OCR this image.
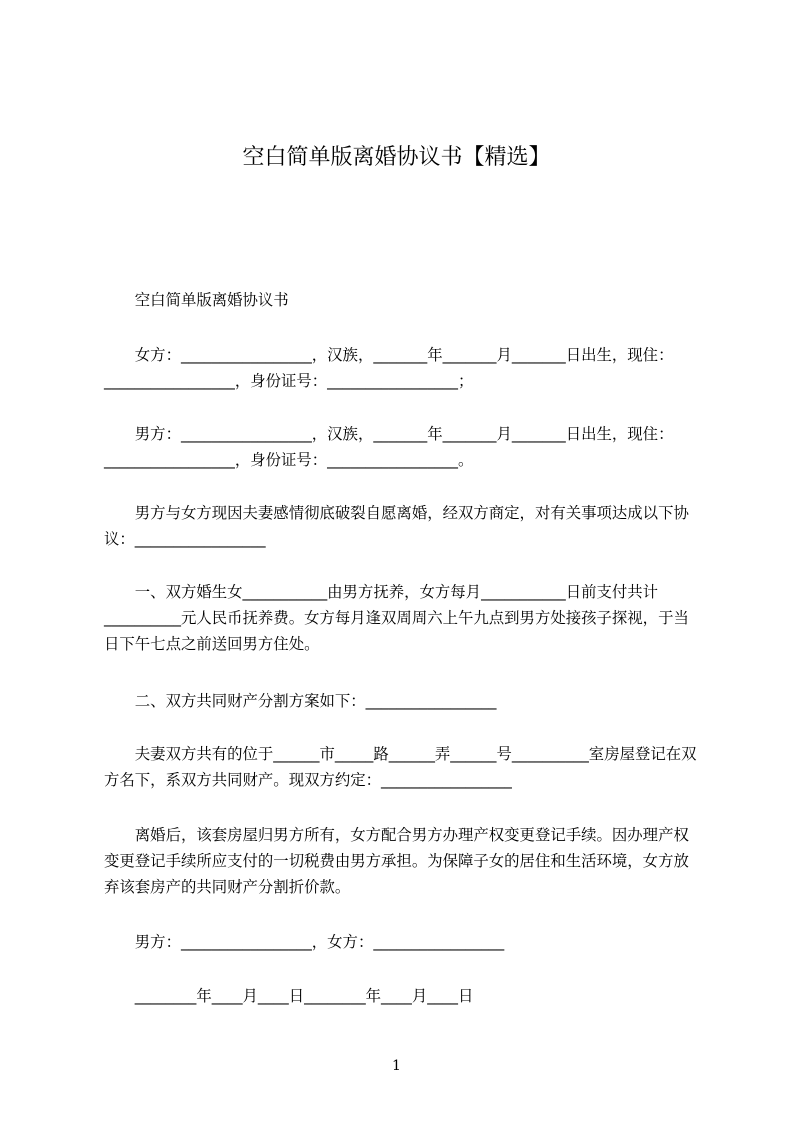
空白简单版离婚协议书【精选】

　　空白简单版离婚协议书

　　女方：_________________，汉族，_______年_______月_______日出生，现住：_________________，身份证号：_________________；

　　男方：_________________，汉族，_______年_______月_______日出生，现住：_________________，身份证号：_________________。

　　男方与女方现因夫妻感情彻底破裂自愿离婚，经双方商定，对有关事项达成以下协议：_________________

　　一、双方婚生女___________由男方抚养，女方每月___________日前支付共计__________元人民币抚养费。女方每月逢双周周六上午九点到男方处接孩子探视，于当日下午七点之前送回男方住处。

　　二、双方共同财产分割方案如下：_________________

　　夫妻双方共有的位于______市_____路______弄______号__________室房屋登记在双方名下，系双方共同财产。现双方约定：_________________

　　离婚后，该套房屋归男方所有，女方配合男方办理产权变更登记手续。因办理产权变更登记手续所应支付的一切税费由男方承担。为保障子女的居住和生活环境，女方放弃该套房产的共同财产分割折价款。

　　男方：_________________，女方：_________________

　　________年____月____日________年____月____日

1
